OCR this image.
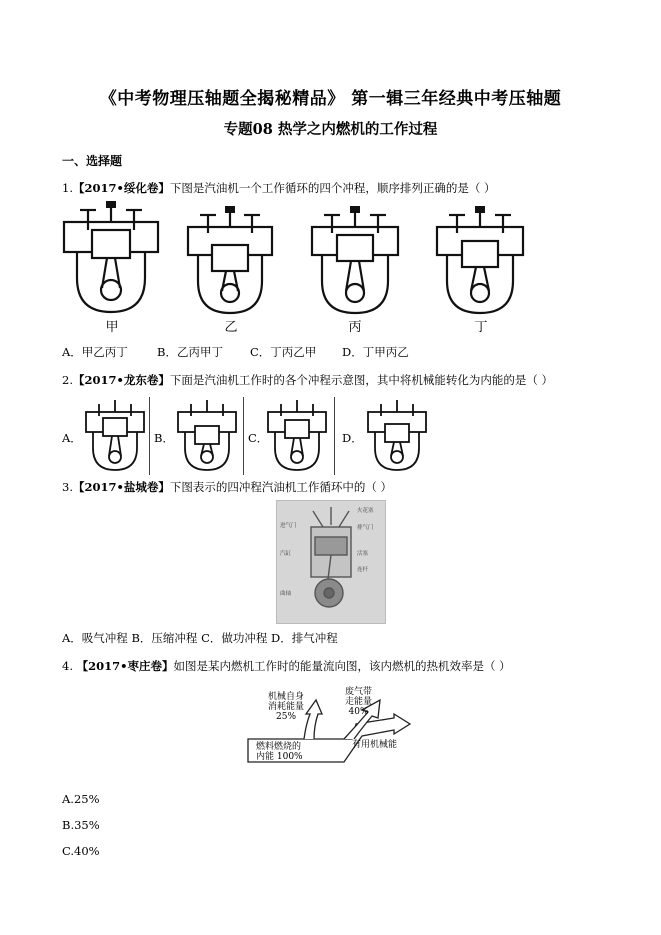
《中考物理压轴题全揭秘精品》 第一辑三年经典中考压轴题
专题08 热学之内燃机的工作过程
一、选择题
1.【2017•绥化卷】下图是汽油机一个工作循环的四个冲程，顺序排列正确的是（ ）
甲	乙	丙	丁
A．甲乙丙丁	B．乙丙甲丁 C．丁丙乙甲 D．丁甲丙乙
2.【2017•龙东卷】下面是汽油机工作时的各个冲程示意图，其中将机械能转化为内能的是（ ）
A．	B．	C．	D．
3.【2017•盐城卷】下图表示的四冲程汽油机工作循环中的（ ）
进气门
火花塞
汽缸
排气门
活塞
连杆
曲轴
A．吸气冲程 B．压缩冲程 C．做功冲程 D．排气冲程
4. 【2017•枣庄卷】如图是某内燃机工作时的能量流向图，该内燃机的热机效率是（ ）
机械自身
消耗能量
25%
废气带
走能量
40%
燃料燃烧的
内能 100%
有用机械能
A.25%
B.35%
C.40%
